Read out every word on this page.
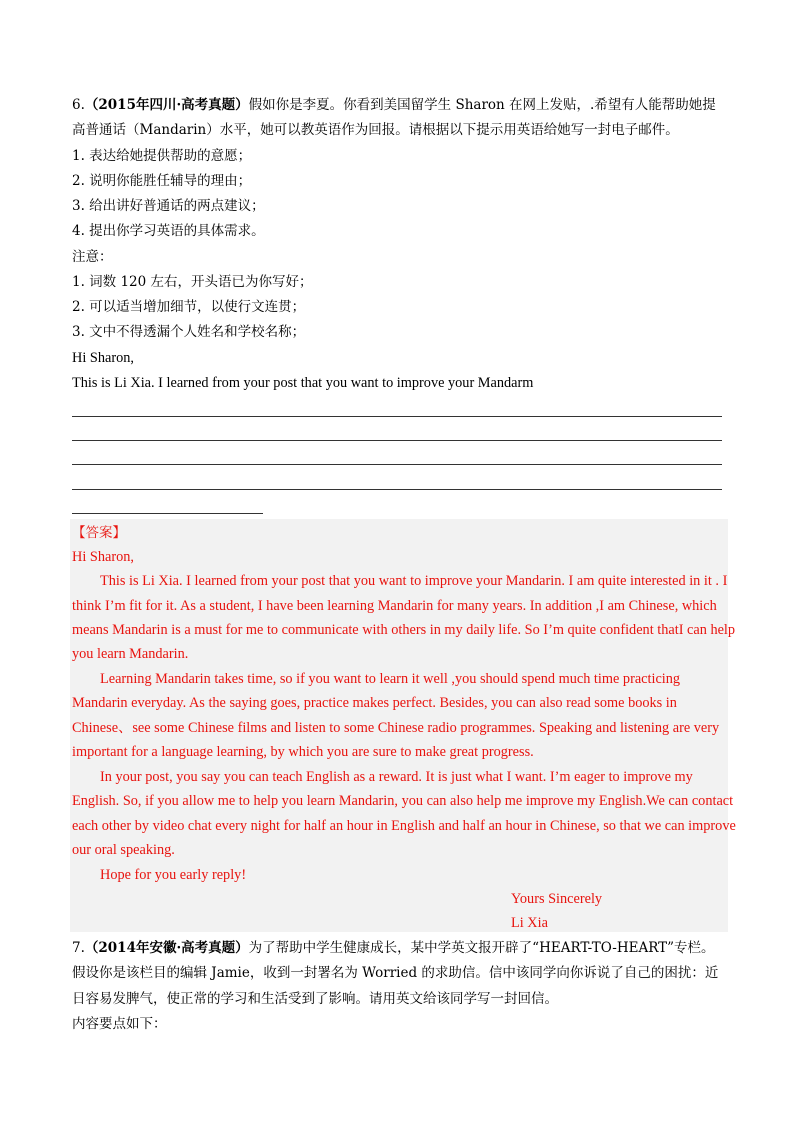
6.（2015年四川·高考真题）假如你是李夏。你看到美国留学生 Sharon 在网上发贴，.希望有人能帮助她提
高普通话（Mandarin）水平，她可以教英语作为回报。请根据以下提示用英语给她写一封电子邮件。
1. 表达给她提供帮助的意愿；
2. 说明你能胜任辅导的理由；
3. 给出讲好普通话的两点建议；
4. 提出你学习英语的具体需求。
注意：
1. 词数 120 左右，开头语已为你写好；
2. 可以适当增加细节，以使行文连贯；
3. 文中不得透漏个人姓名和学校名称；
Hi Sharon,
This is Li Xia. I learned from your post that you want to improve your Mandarm
【答案】
Hi Sharon,
This is Li Xia. I learned from your post that you want to improve your Mandarin. I am quite interested in it . I
think I’m fit for it. As a student, I have been learning Mandarin for many years. In addition ,I am Chinese, which
means Mandarin is a must for me to communicate with others in my daily life. So I’m quite confident thatI can help
you learn Mandarin.
Learning Mandarin takes time, so if you want to learn it well ,you should spend much time practicing
Mandarin everyday. As the saying goes, practice makes perfect. Besides, you can also read some books in
Chinese、see some Chinese films and listen to some Chinese radio programmes. Speaking and listening are very
important for a language learning, by which you are sure to make great progress.
In your post, you say you can teach English as a reward. It is just what I want. I’m eager to improve my
English. So, if you allow me to help you learn Mandarin, you can also help me improve my English.We can contact
each other by video chat every night for half an hour in English and half an hour in Chinese, so that we can improve
our oral speaking.
Hope for you early reply!
Yours Sincerely
Li Xia
7.（2014年安徽·高考真题）为了帮助中学生健康成长，某中学英文报开辟了“HEART-TO-HEART”专栏。
假设你是该栏目的编辑 Jamie，收到一封署名为 Worried 的求助信。信中该同学向你诉说了自己的困扰：近
日容易发脾气，使正常的学习和生活受到了影响。请用英文给该同学写一封回信。
内容要点如下：
